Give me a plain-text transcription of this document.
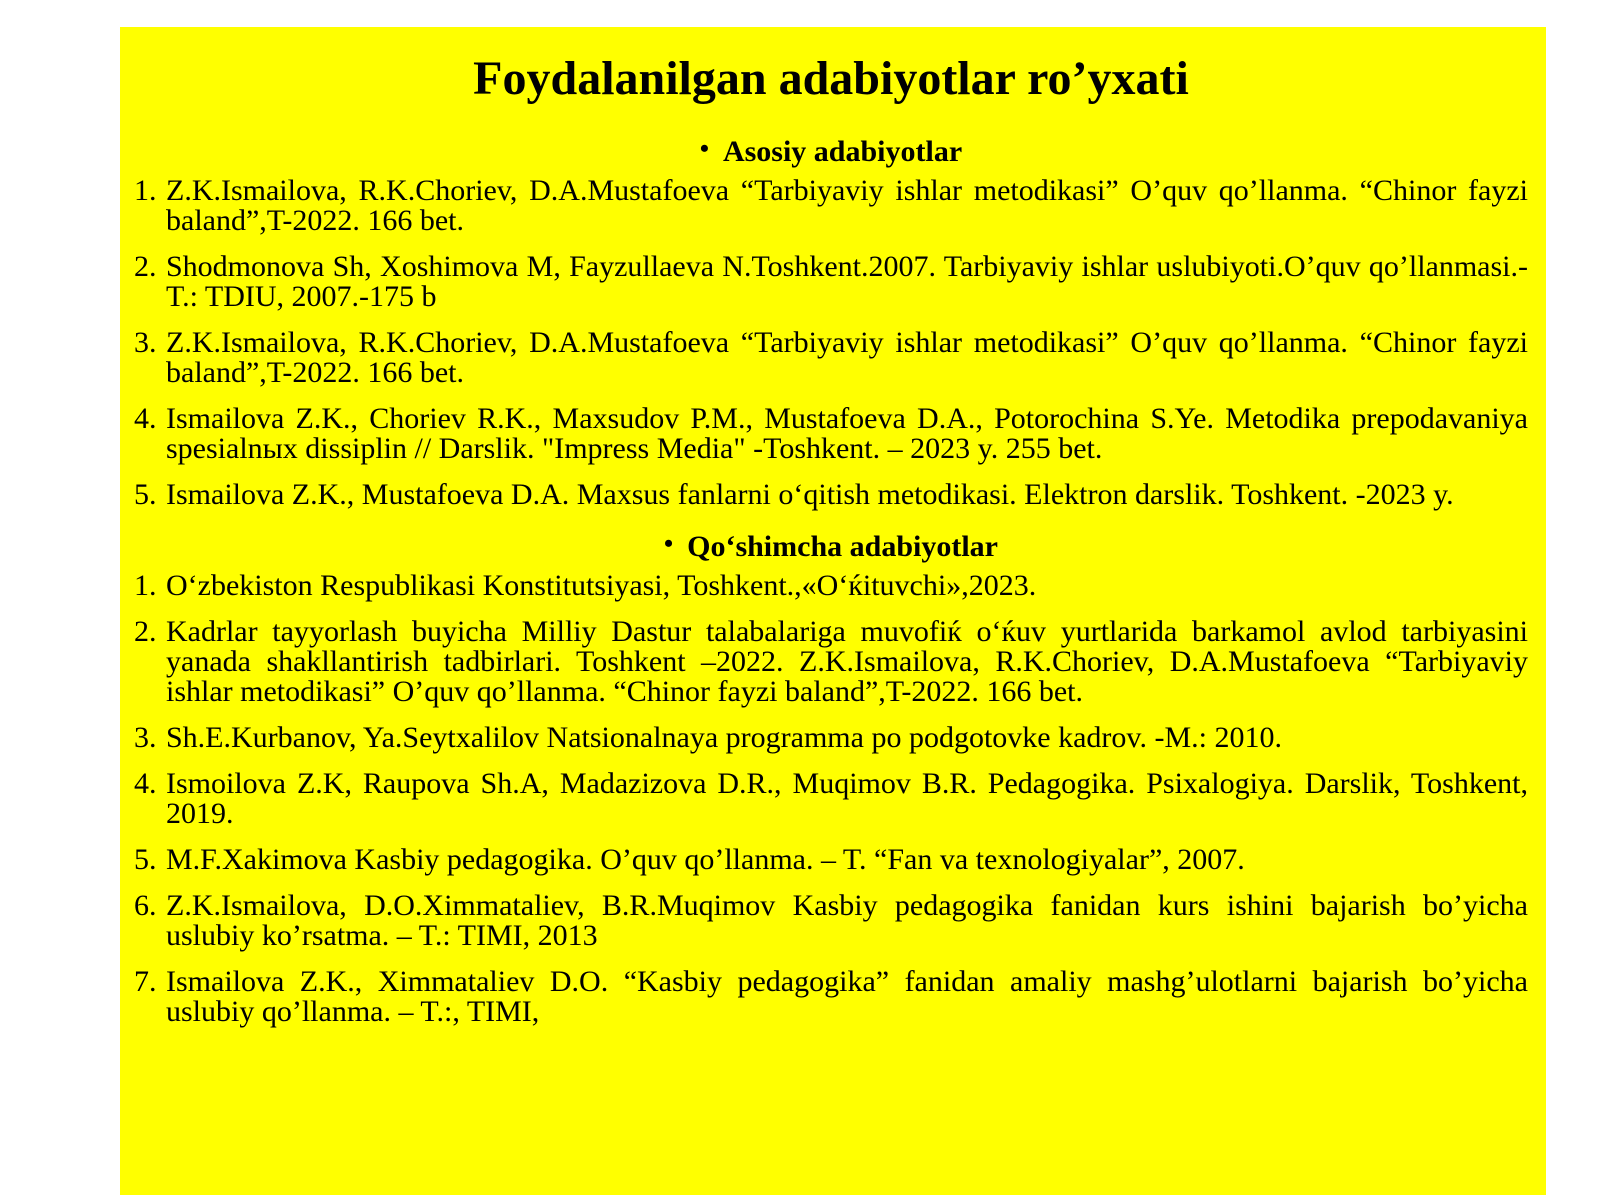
Foydalanilgan adabiyotlar ro’yxati
• Asosiy adabiyotlar
1. Z.K.Ismailova, R.K.Choriev, D.A.Mustafoeva “Tarbiyaviy ishlar metodikasi” O’quv qo’llanma. “Chinor fayzi baland”,T-2022. 166 bet.
2. Shodmonova Sh, Xoshimova M, Fayzullaeva N.Toshkent.2007. Tarbiyaviy ishlar uslubiyoti.O’quv qo’llanmasi.- T.: TDIU, 2007.-175 b
3. Z.K.Ismailova, R.K.Choriev, D.A.Mustafoeva “Tarbiyaviy ishlar metodikasi” O’quv qo’llanma. “Chinor fayzi baland”,T-2022. 166 bet.
4. Ismailova Z.K., Choriev R.K., Maxsudov P.M., Mustafoeva D.A., Potorochina S.Ye. Metodika prepodavaniya spesialnых dissiplin // Darslik. "Impress Media" -Toshkent. – 2023 y. 255 bet.
5. Ismailova Z.K., Mustafoeva D.A. Maxsus fanlarni o‘qitish metodikasi. Elektron darslik. Toshkent. -2023 y.
• Qo‘shimcha adabiyotlar
1. O‘zbekiston Respublikasi Konstitutsiyasi, Toshkent.,«O‘ќituvchi»,2023.
2. Kadrlar tayyorlash buyicha Milliy Dastur talabalariga muvofiќ o‘ќuv yurtlarida barkamol avlod tarbiyasini yanada shakllantirish tadbirlari. Toshkent –2022. Z.K.Ismailova, R.K.Choriev, D.A.Mustafoeva “Tarbiyaviy ishlar metodikasi” O’quv qo’llanma. “Chinor fayzi baland”,T-2022. 166 bet.
3. Sh.E.Kurbanov, Ya.Seytxalilov Natsionalnaya programma po podgotovke kadrov. -M.: 2010.
4. Ismoilova Z.K, Raupova Sh.A, Madazizova D.R., Muqimov B.R. Pedagogika. Psixalogiya. Darslik, Toshkent, 2019.
5. M.F.Xakimova Kasbiy pedagogika. O’quv qo’llanma. – T. “Fan va texnologiyalar”, 2007.
6. Z.K.Ismailova, D.O.Ximmataliev, B.R.Muqimov Kasbiy pedagogika fanidan kurs ishini bajarish bo’yicha uslubiy ko’rsatma. – T.: TIMI, 2013
7. Ismailova Z.K., Ximmataliev D.O. “Kasbiy pedagogika” fanidan amaliy mashg’ulotlarni bajarish bo’yicha uslubiy qo’llanma. – T.:, TIMI,
